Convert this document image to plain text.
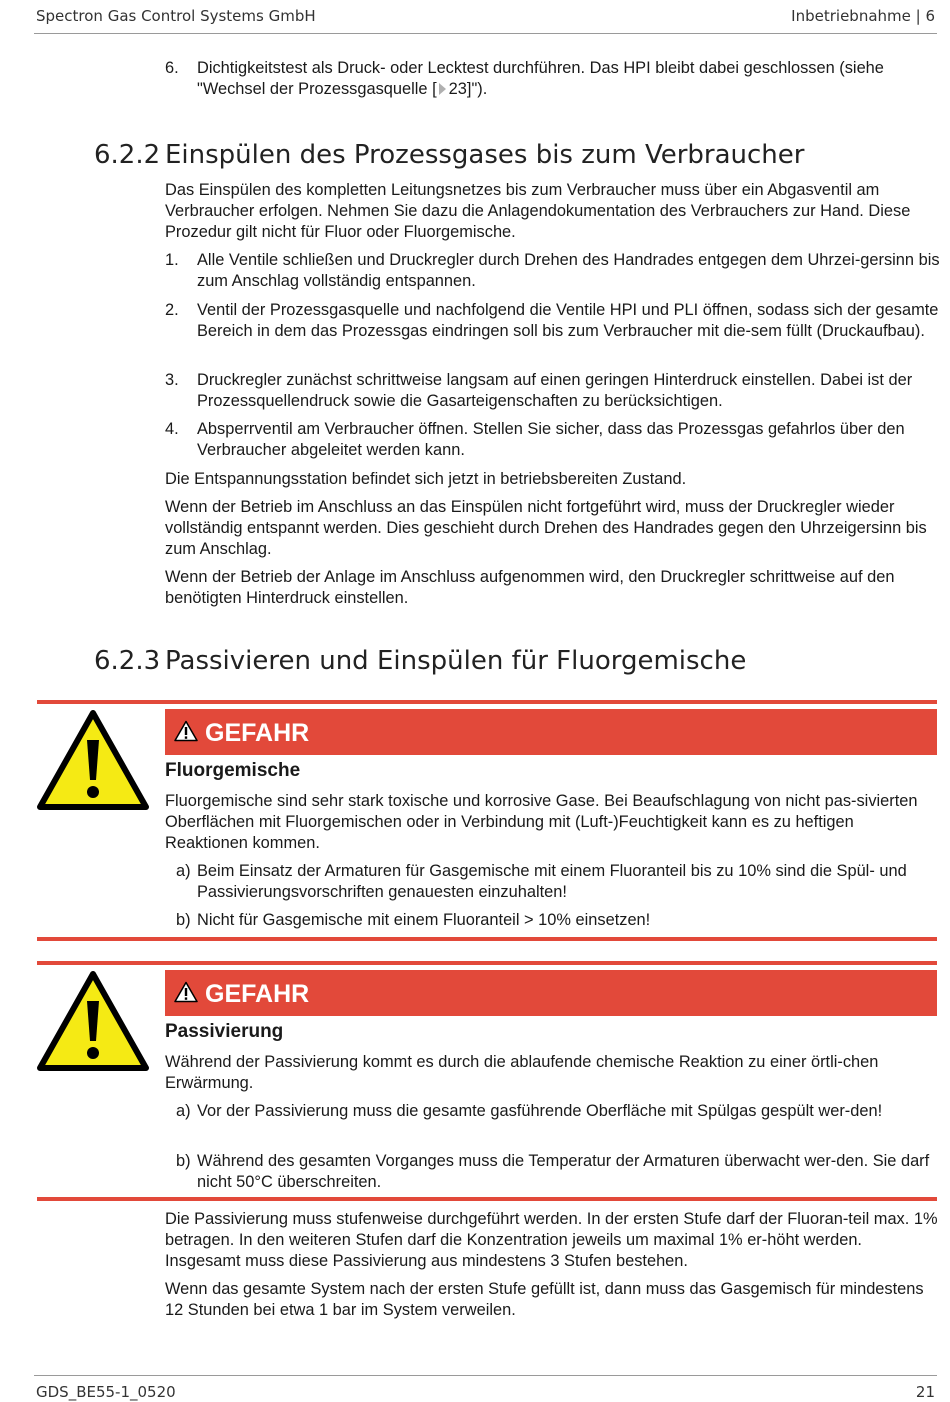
Spectron Gas Control Systems GmbH	Inbetriebnahme | 6
6. Dichtigkeitstest als Druck- oder Lecktest durchführen. Das HPI bleibt dabei geschlossen (siehe "Wechsel der Prozessgasquelle [ 23]").
6.2.2 Einspülen des Prozessgases bis zum Verbraucher

Das Einspülen des kompletten Leitungsnetzes bis zum Verbraucher muss über ein Abgasventil am Verbraucher erfolgen. Nehmen Sie dazu die Anlagendokumentation des Verbrauchers zur Hand. Diese Prozedur gilt nicht für Fluor oder Fluorgemische.

1. Alle Ventile schließen und Druckregler durch Drehen des Handrades entgegen dem Uhrzei-gersinn bis zum Anschlag vollständig entspannen.
2. Ventil der Prozessgasquelle und nachfolgend die Ventile HPI und PLI öffnen, sodass sich der gesamte Bereich in dem das Prozessgas eindringen soll bis zum Verbraucher mit die-sem füllt (Druckaufbau).
3. Druckregler zunächst schrittweise langsam auf einen geringen Hinterdruck einstellen. Dabei ist der Prozessquellendruck sowie die Gasarteigenschaften zu berücksichtigen.
4. Absperrventil am Verbraucher öffnen. Stellen Sie sicher, dass das Prozessgas gefahrlos über den Verbraucher abgeleitet werden kann.

Die Entspannungsstation befindet sich jetzt in betriebsbereiten Zustand.

Wenn der Betrieb im Anschluss an das Einspülen nicht fortgeführt wird, muss der Druckregler wieder vollständig entspannt werden. Dies geschieht durch Drehen des Handrades gegen den Uhrzeigersinn bis zum Anschlag.

Wenn der Betrieb der Anlage im Anschluss aufgenommen wird, den Druckregler schrittweise auf den benötigten Hinterdruck einstellen.

6.2.3 Passivieren und Einspülen für Fluorgemische
GEFAHR
Fluorgemische

Fluorgemische sind sehr stark toxische und korrosive Gase. Bei Beaufschlagung von nicht pas-sivierten Oberflächen mit Fluorgemischen oder in Verbindung mit (Luft-)Feuchtigkeit kann es zu heftigen Reaktionen kommen.

a) Beim Einsatz der Armaturen für Gasgemische mit einem Fluoranteil bis zu 10% sind die Spül- und Passivierungsvorschriften genauesten einzuhalten!
b) Nicht für Gasgemische mit einem Fluoranteil > 10% einsetzen!
GEFAHR
Passivierung

Während der Passivierung kommt es durch die ablaufende chemische Reaktion zu einer örtli-chen Erwärmung.

a) Vor der Passivierung muss die gesamte gasführende Oberfläche mit Spülgas gespült wer-den!
b) Während des gesamten Vorganges muss die Temperatur der Armaturen überwacht wer-den. Sie darf nicht 50°C überschreiten.

Die Passivierung muss stufenweise durchgeführt werden. In der ersten Stufe darf der Fluoran-teil max. 1% betragen. In den weiteren Stufen darf die Konzentration jeweils um maximal 1% er-höht werden. Insgesamt muss diese Passivierung aus mindestens 3 Stufen bestehen.

Wenn das gesamte System nach der ersten Stufe gefüllt ist, dann muss das Gasgemisch für mindestens 12 Stunden bei etwa 1 bar im System verweilen.

GDS_BE55-1_0520	21
